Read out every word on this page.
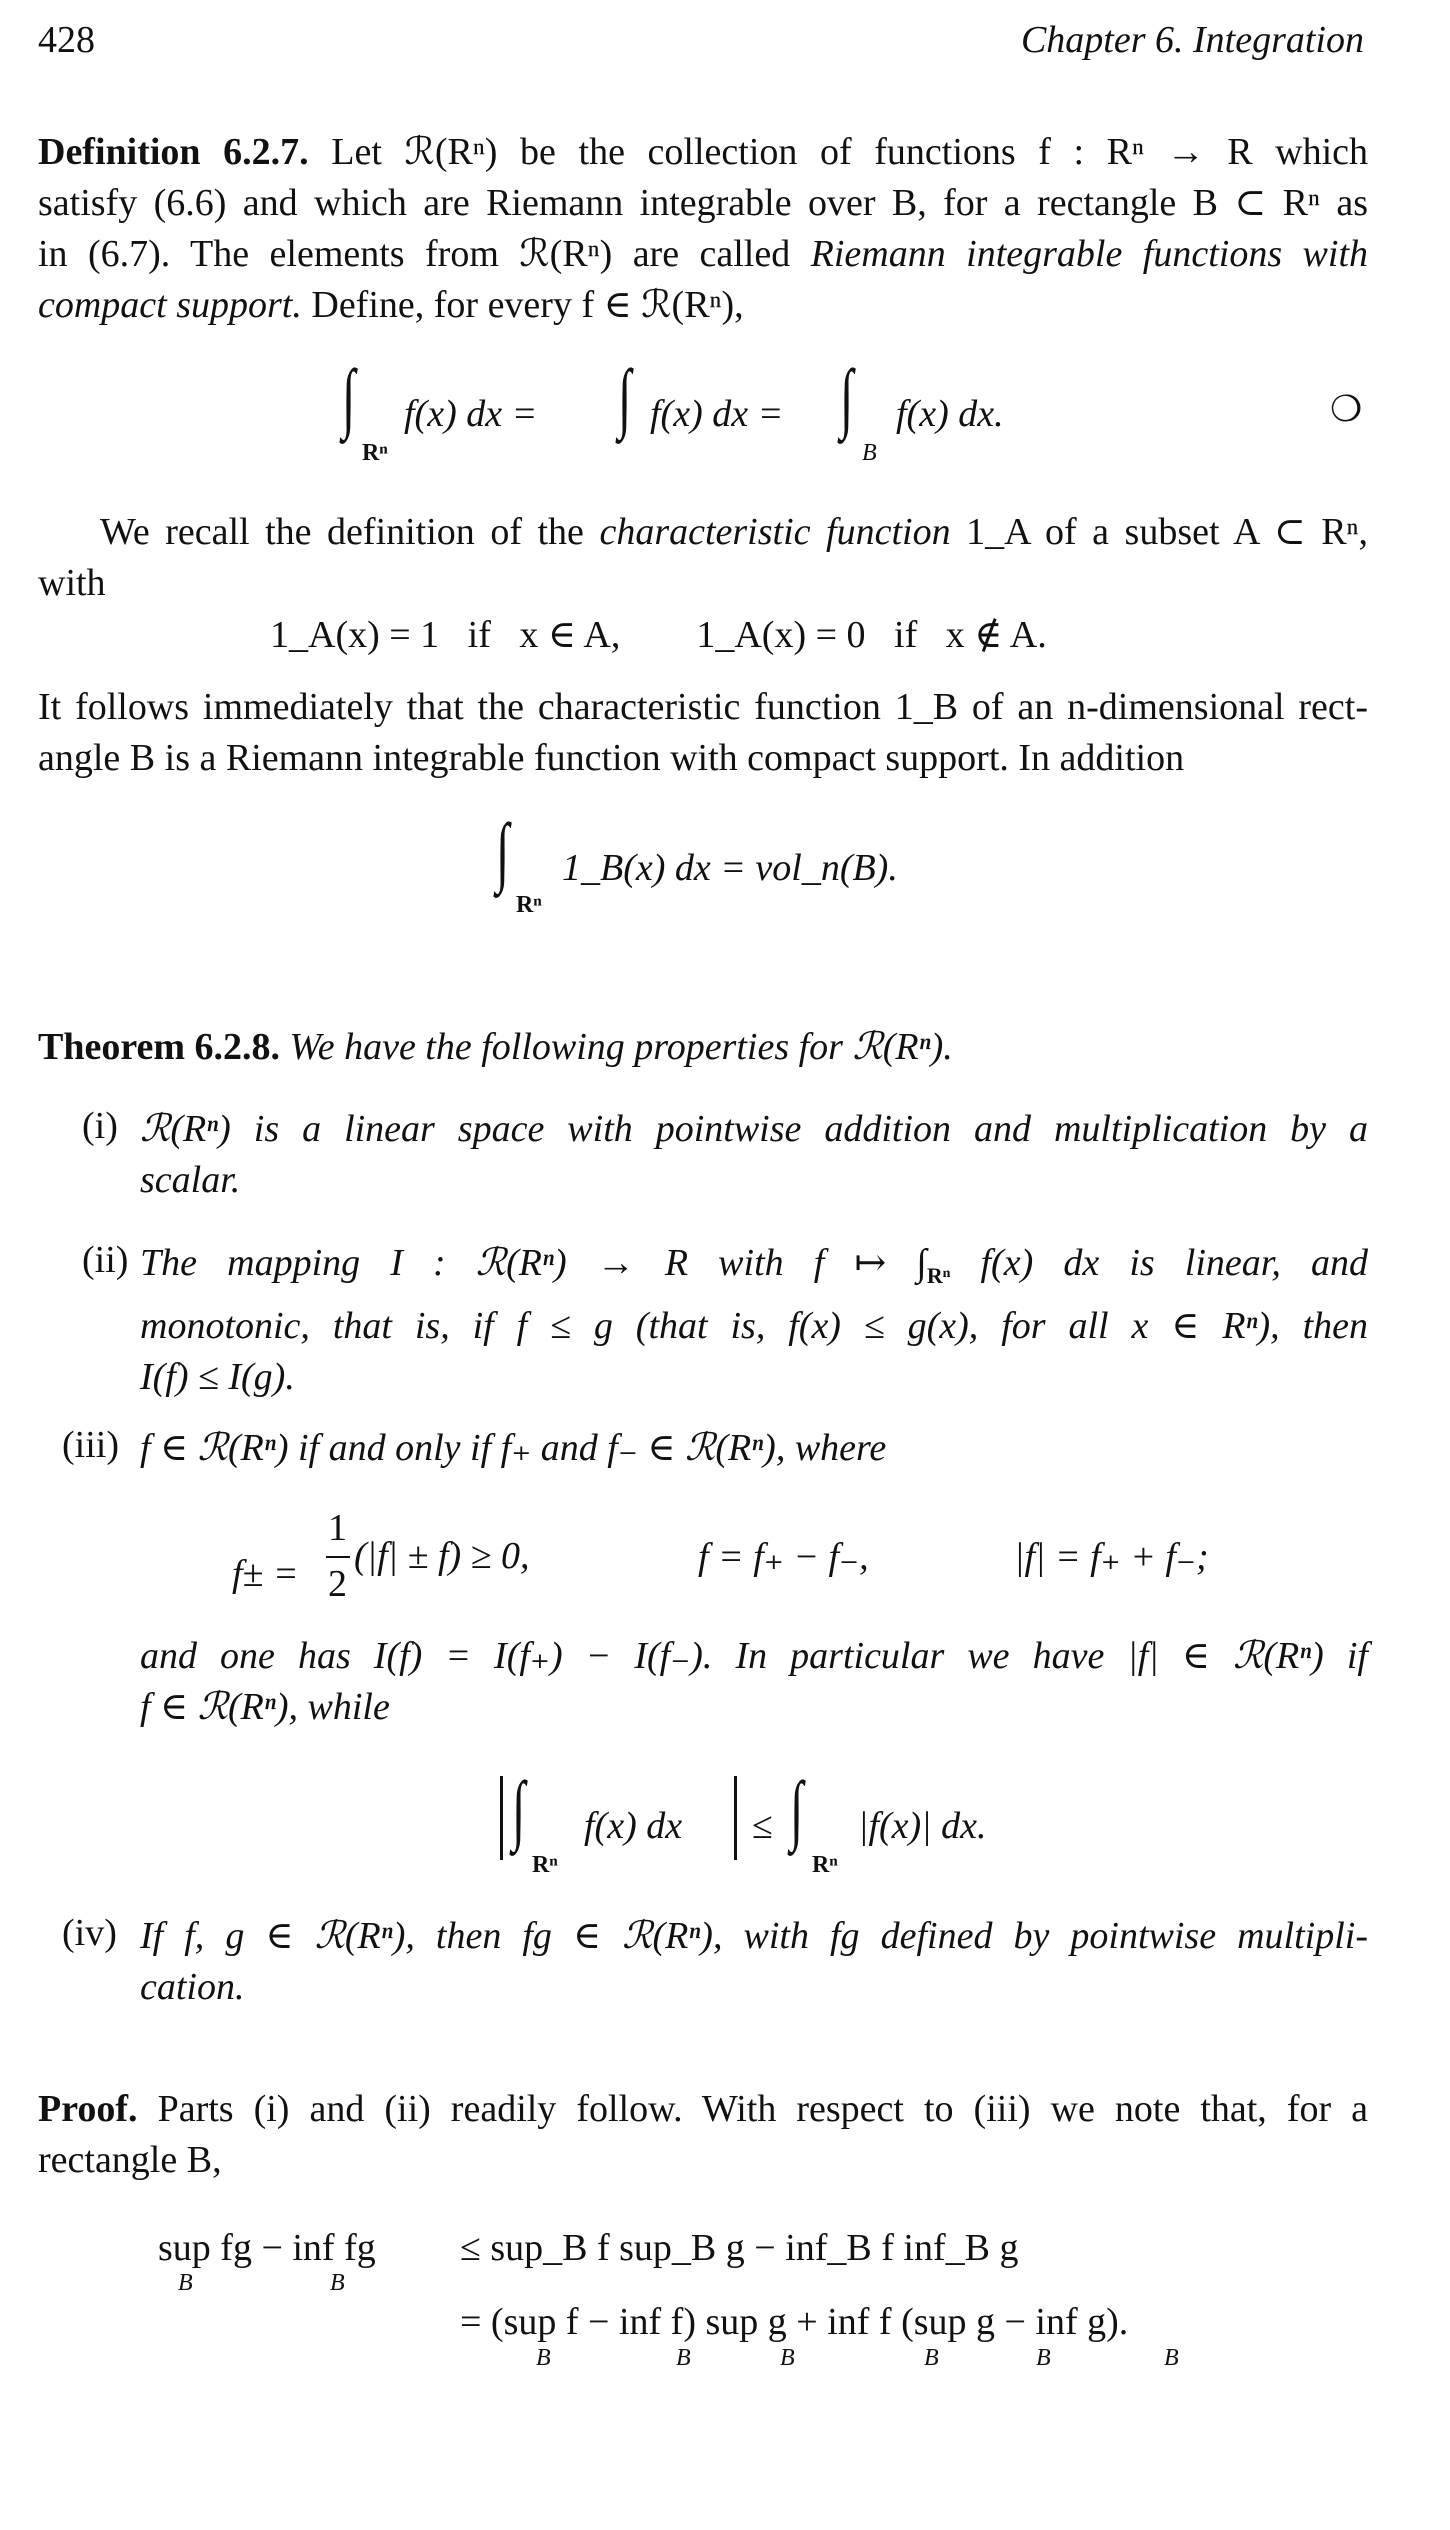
428	Chapter 6. Integration
Definition 6.2.7. Let ℛ(Rⁿ) be the collection of functions f : Rⁿ → R which
satisfy (6.6) and which are Riemann integrable over B, for a rectangle B ⊂ Rⁿ as
in (6.7). The elements from ℛ(Rⁿ) are called Riemann integrable functions with
compact support. Define, for every f ∈ ℛ(Rⁿ),
∫
Rⁿ
f(x) dx = ∫ f(x) dx = ∫
B
f(x) dx.	❍
We recall the definition of the characteristic function 1_A of a subset A ⊂ Rⁿ,
with
1_A(x) = 1   if   x ∈ A,        1_A(x) = 0   if   x ∉ A.
It follows immediately that the characteristic function 1_B of an n-dimensional rect-
angle B is a Riemann integrable function with compact support. In addition
∫
Rⁿ
1_B(x) dx = vol_n(B).
Theorem 6.2.8. We have the following properties for ℛ(Rⁿ).
(i) ℛ(Rⁿ) is a linear space with pointwise addition and multiplication by a
scalar.
(ii) The mapping I : ℛ(Rⁿ) → R with f ↦ $\int_{R^n}$ f(x) dx is linear, and
monotonic, that is, if f ≤ g (that is, f(x) ≤ g(x), for all x ∈ Rⁿ), then
I(f) ≤ I(g).
(iii) f ∈ ℛ(Rⁿ) if and only if f₊ and f₋ ∈ ℛ(Rⁿ), where
f± =
1
2
(|f| ± f) ≥ 0,	f = f₊ − f₋,	|f| = f₊ + f₋;
and one has I(f) = I(f₊) − I(f₋). In particular we have |f| ∈ ℛ(Rⁿ) if
f ∈ ℛ(Rⁿ), while
∫
Rⁿ
f(x) dx ≤ ∫
Rⁿ
|f(x)| dx.
(iv) If f, g ∈ ℛ(Rⁿ), then fg ∈ ℛ(Rⁿ), with fg defined by pointwise multipli-
cation.
Proof. Parts (i) and (ii) readily follow. With respect to (iii) we note that, for a
rectangle B,
sup fg − inf fg
B	B
≤ sup_B f sup_B g − inf_B f inf_B g
= (sup f − inf f) sup g + inf f (sup g − inf g).
B	B	B	B	B	B
